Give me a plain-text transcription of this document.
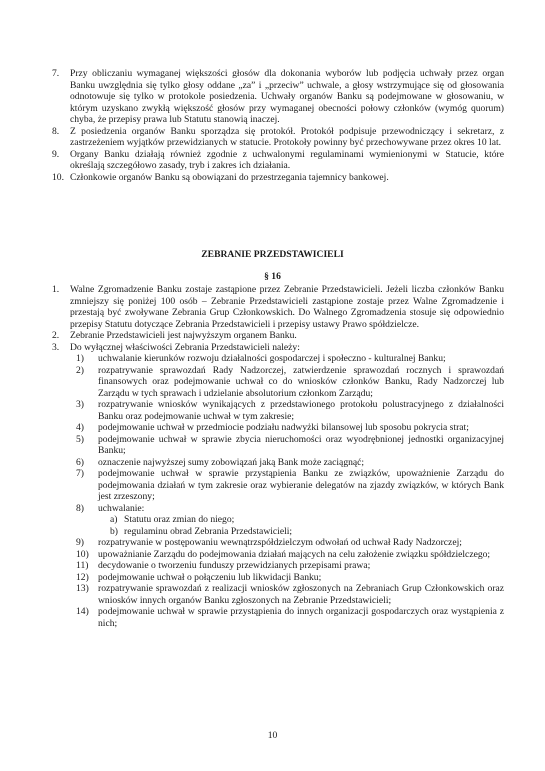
7. Przy obliczaniu wymaganej większości głosów dla dokonania wyborów lub podjęcia uchwały przez organ Banku uwzględnia się tylko głosy oddane „za” i „przeciw” uchwale, a głosy wstrzymujące się od głosowania odnotowuje się tylko w protokole posiedzenia. Uchwały organów Banku są podejmowane w głosowaniu, w którym uzyskano zwykłą większość głosów przy wymaganej obecności połowy członków (wymóg quorum) chyba, że przepisy prawa lub Statutu stanowią inaczej.
8. Z posiedzenia organów Banku sporządza się protokół. Protokół podpisuje przewodniczący i sekretarz, z zastrzeżeniem wyjątków przewidzianych w statucie. Protokoły powinny być przechowywane przez okres 10 lat.
9. Organy Banku działają również zgodnie z uchwalonymi regulaminami wymienionymi w Statucie, które określają szczegółowo zasady, tryb i zakres ich działania.
10. Członkowie organów Banku są obowiązani do przestrzegania tajemnicy bankowej.
ZEBRANIE PRZEDSTAWICIELI
§ 16
1. Walne Zgromadzenie Banku zostaje zastąpione przez Zebranie Przedstawicieli. Jeżeli liczba członków Banku zmniejszy się poniżej 100 osób – Zebranie Przedstawicieli zastąpione zostaje przez Walne Zgromadzenie i przestają być zwoływane Zebrania Grup Członkowskich. Do Walnego Zgromadzenia stosuje się odpowiednio przepisy Statutu dotyczące Zebrania Przedstawicieli i przepisy ustawy Prawo spółdzielcze.
2. Zebranie Przedstawicieli jest najwyższym organem Banku.
3. Do wyłącznej właściwości Zebrania Przedstawicieli należy:
1) uchwalanie kierunków rozwoju działalności gospodarczej i społeczno - kulturalnej Banku;
2) rozpatrywanie sprawozdań Rady Nadzorczej, zatwierdzenie sprawozdań rocznych i sprawozdań finansowych oraz podejmowanie uchwał co do wniosków członków Banku, Rady Nadzorczej lub Zarządu w tych sprawach i udzielanie absolutorium członkom Zarządu;
3) rozpatrywanie wniosków wynikających z przedstawionego protokołu polustracyjnego z działalności Banku oraz podejmowanie uchwał w tym zakresie;
4) podejmowanie uchwał w przedmiocie podziału nadwyżki bilansowej lub sposobu pokrycia strat;
5) podejmowanie uchwał w sprawie zbycia nieruchomości oraz wyodrębnionej jednostki organizacyjnej Banku;
6) oznaczenie najwyższej sumy zobowiązań jaką Bank może zaciągnąć;
7) podejmowanie uchwał w sprawie przystąpienia Banku ze związków, upoważnienie Zarządu do podejmowania działań w tym zakresie oraz wybieranie delegatów na zjazdy związków, w których Bank jest zrzeszony;
8) uchwalanie:
a) Statutu oraz zmian do niego;
b) regulaminu obrad Zebrania Przedstawicieli;
9) rozpatrywanie w postępowaniu wewnątrzspółdzielczym odwołań od uchwał Rady Nadzorczej;
10) upoważnianie Zarządu do podejmowania działań mających na celu założenie związku spółdzielczego;
11) decydowanie o tworzeniu funduszy przewidzianych przepisami prawa;
12) podejmowanie uchwał o połączeniu lub likwidacji Banku;
13) rozpatrywanie sprawozdań z realizacji wniosków zgłoszonych na Zebraniach Grup Członkowskich oraz wniosków innych organów Banku zgłoszonych na Zebranie Przedstawicieli;
14) podejmowanie uchwał w sprawie przystąpienia do innych organizacji gospodarczych oraz wystąpienia z nich;
10
